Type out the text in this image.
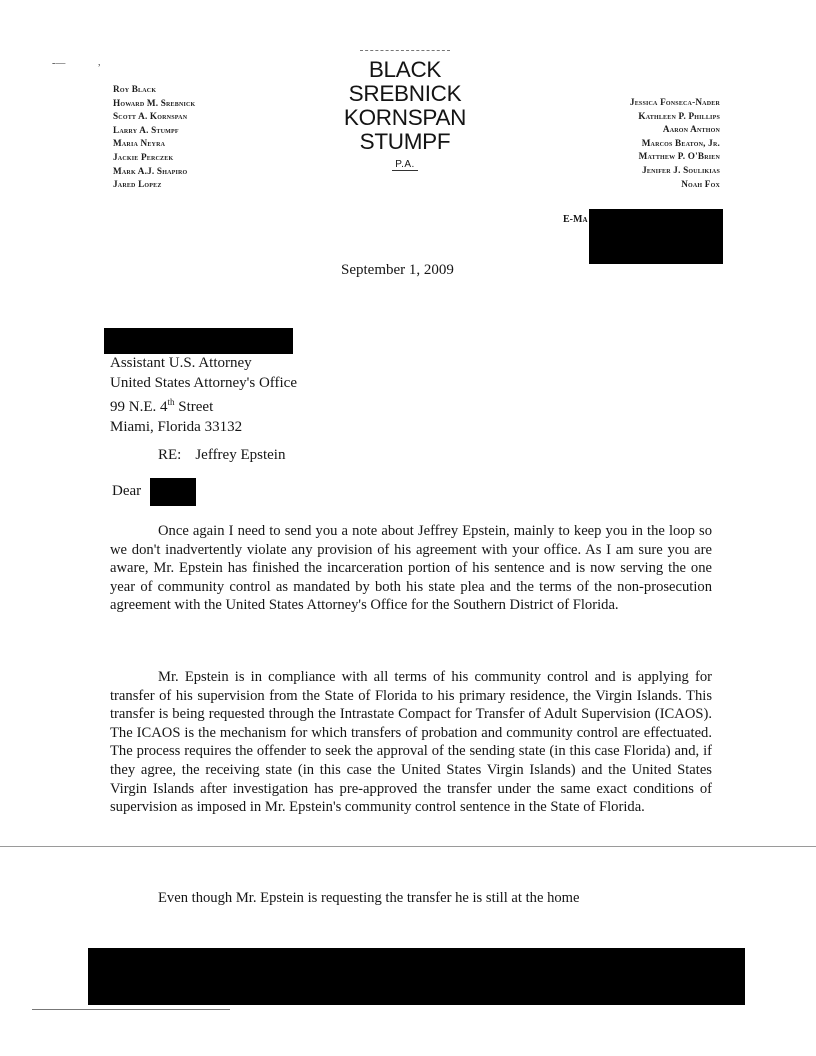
‑—	,
Roy Black
Howard M. Srebnick
Scott A. Kornspan
Larry A. Stumpf
Maria Neyra
Jackie Perczek
Mark A.J. Shapiro
Jared Lopez
BLACK
SREBNICK
KORNSPAN
STUMPF
P.A.
Jessica Fonseca-Nader
Kathleen P. Phillips
Aaron Anthon
Marcos Beaton, Jr.
Matthew P. O'Brien
Jenifer J. Soulikias
Noah Fox
E-Ma
September 1, 2009
Assistant U.S. Attorney
United States Attorney's Office
99 N.E. 4th Street
Miami, Florida 33132
RE: Jeffrey Epstein
Dear
Once again I need to send you a note about Jeffrey Epstein, mainly to keep you in the loop so we don't inadvertently violate any provision of his agreement with your office. As I am sure you are aware, Mr. Epstein has finished the incarceration portion of his sentence and is now serving the one year of community control as mandated by both his state plea and the terms of the non-prosecution agreement with the United States Attorney's Office for the Southern District of Florida.
Mr. Epstein is in compliance with all terms of his community control and is applying for transfer of his supervision from the State of Florida to his primary residence, the Virgin Islands. This transfer is being requested through the Intrastate Compact for Transfer of Adult Supervision (ICAOS). The ICAOS is the mechanism for which transfers of probation and community control are effectuated. The process requires the offender to seek the approval of the sending state (in this case Florida) and, if they agree, the receiving state (in this case the United States Virgin Islands) and the United States Virgin Islands after investigation has pre-approved the transfer under the same exact conditions of supervision as imposed in Mr. Epstein's community control sentence in the State of Florida.
Even though Mr. Epstein is requesting the transfer he is still at the home
